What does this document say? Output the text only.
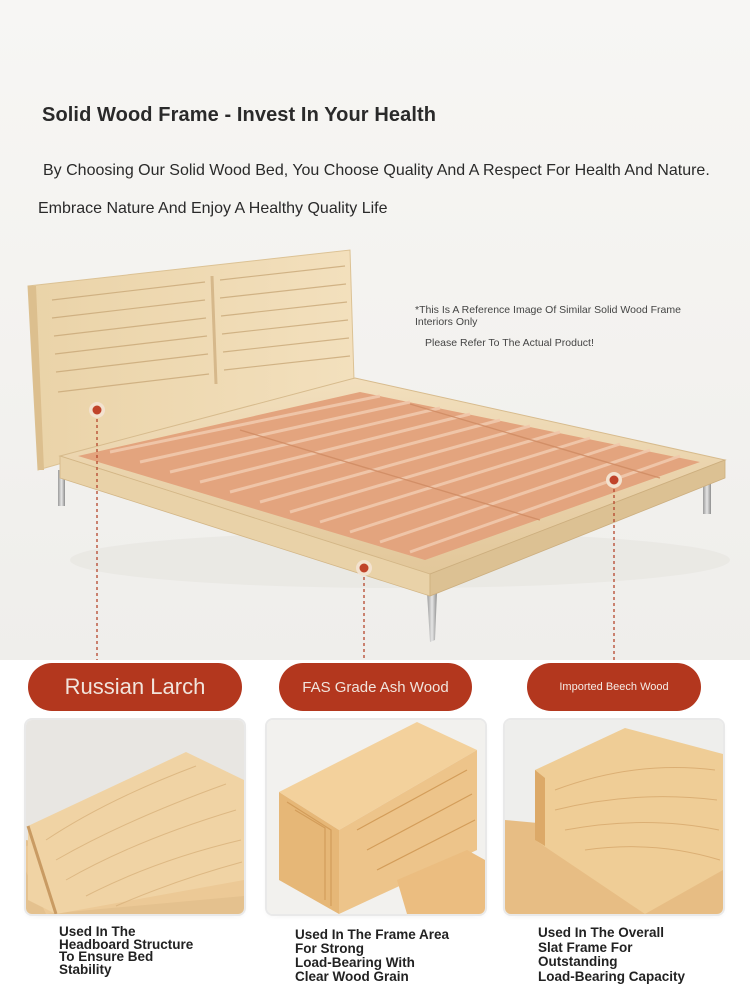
Solid Wood Frame - Invest In Your Health

By Choosing Our Solid Wood Bed, You Choose Quality And A Respect For Health And Nature. Embrace Nature And Enjoy A Healthy Quality Life

*This Is A Reference Image Of Similar Solid Wood Frame Interiors Only
Please Refer To The Actual Product!
Russian Larch	FAS Grade Ash Wood	Imported Beech Wood
Used In The
Headboard Structure
To Ensure Bed
Stability
Used In The Frame Area
For Strong
Load-Bearing With
Clear Wood Grain
Used In The Overall
Slat Frame For
Outstanding
Load-Bearing Capacity
